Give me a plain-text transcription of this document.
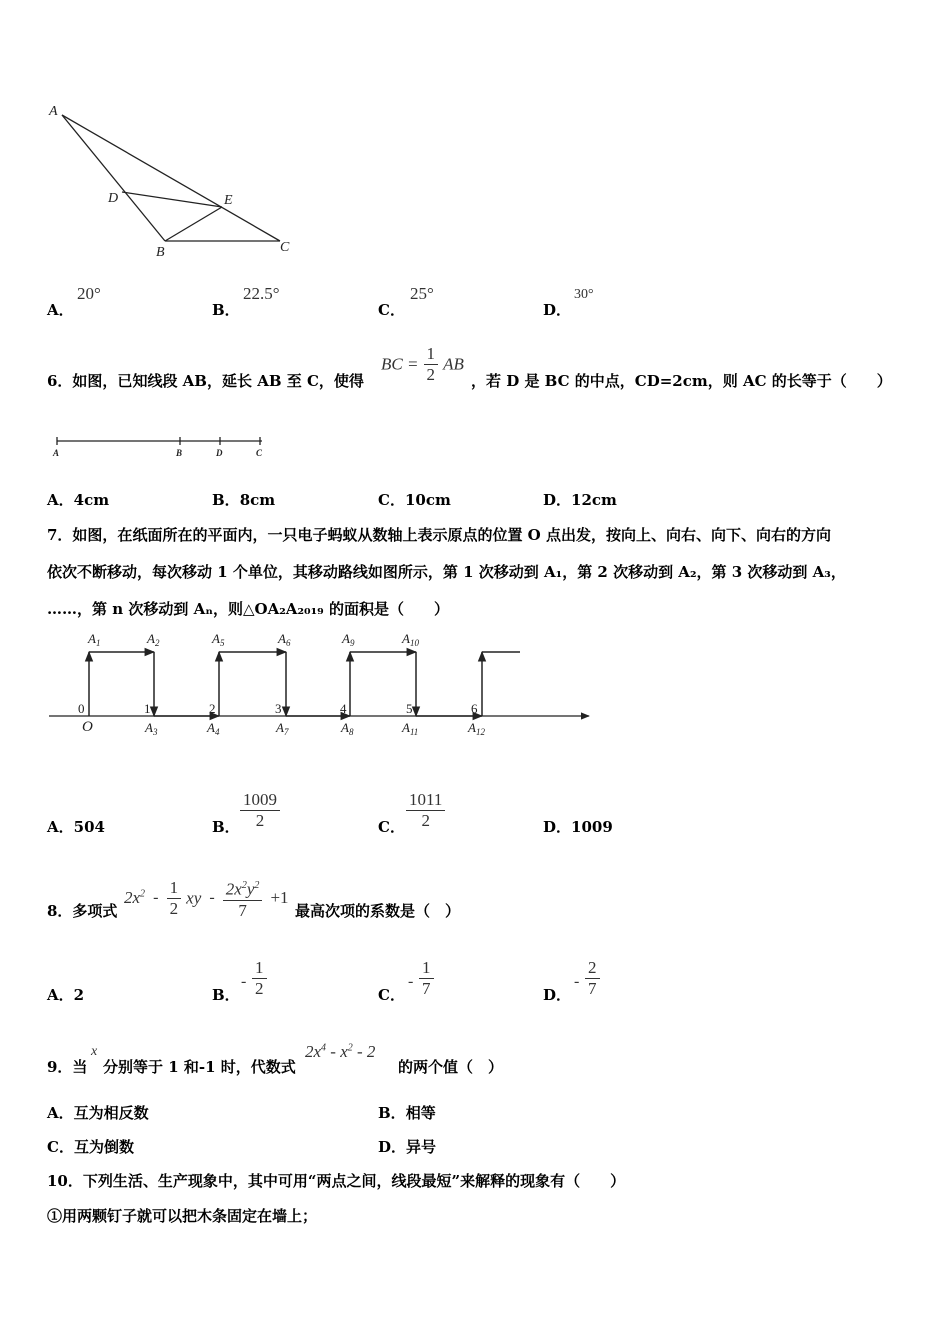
A
D	E
B	C
A．
20°
B．
22.5°
C．
25°
D．
30°
6．如图，已知线段 AB，延长 AB 至 C，使得
BC = $\frac{1}{2}$ AB
，若 D 是 BC 的中点，CD=2cm，则 AC 的长等于（　　）
A	B	D	C
A．4cm	B．8cm	C．10cm	D．12cm
7．如图，在纸面所在的平面内，一只电子蚂蚁从数轴上表示原点的位置 O 点出发，按向上、向右、向下、向右的方向
依次不断移动，每次移动 1 个单位，其移动路线如图所示，第 1 次移动到 A₁，第 2 次移动到 A₂，第 3 次移动到 A₃，
……，第 n 次移动到 Aₙ，则△OA₂A₂₀₁₉ 的面积是（　　）
0	1	2	3	4	5	6
O
$A_1$	$A_2$	$A_5$	$A_6$	$A_9$	$A_{10}$
$A_3$	$A_4$	$A_7$	$A_8$	$A_{11}$	$A_{12}$
A．504	B． $\frac{1009}{2}$	C． $\frac{1011}{2}$	D．1009
8．多项式
$2x^2 - \frac{1}{2}$ xy - $\frac{2x^2y^2}{7} +1$
最高次项的系数是（　）
A．2	B．
- $\frac{1}{2}$	C．
- $\frac{1}{7}$	D．
- $\frac{2}{7}$
9．当
x
分别等于 1 和-1 时，代数式
$2x^4 - x^2 - 2$
的两个值（　）
A．互为相反数	B．相等
C．互为倒数	D．异号
10．下列生活、生产现象中，其中可用“两点之间，线段最短”来解释的现象有（　　）
①用两颗钉子就可以把木条固定在墙上；
